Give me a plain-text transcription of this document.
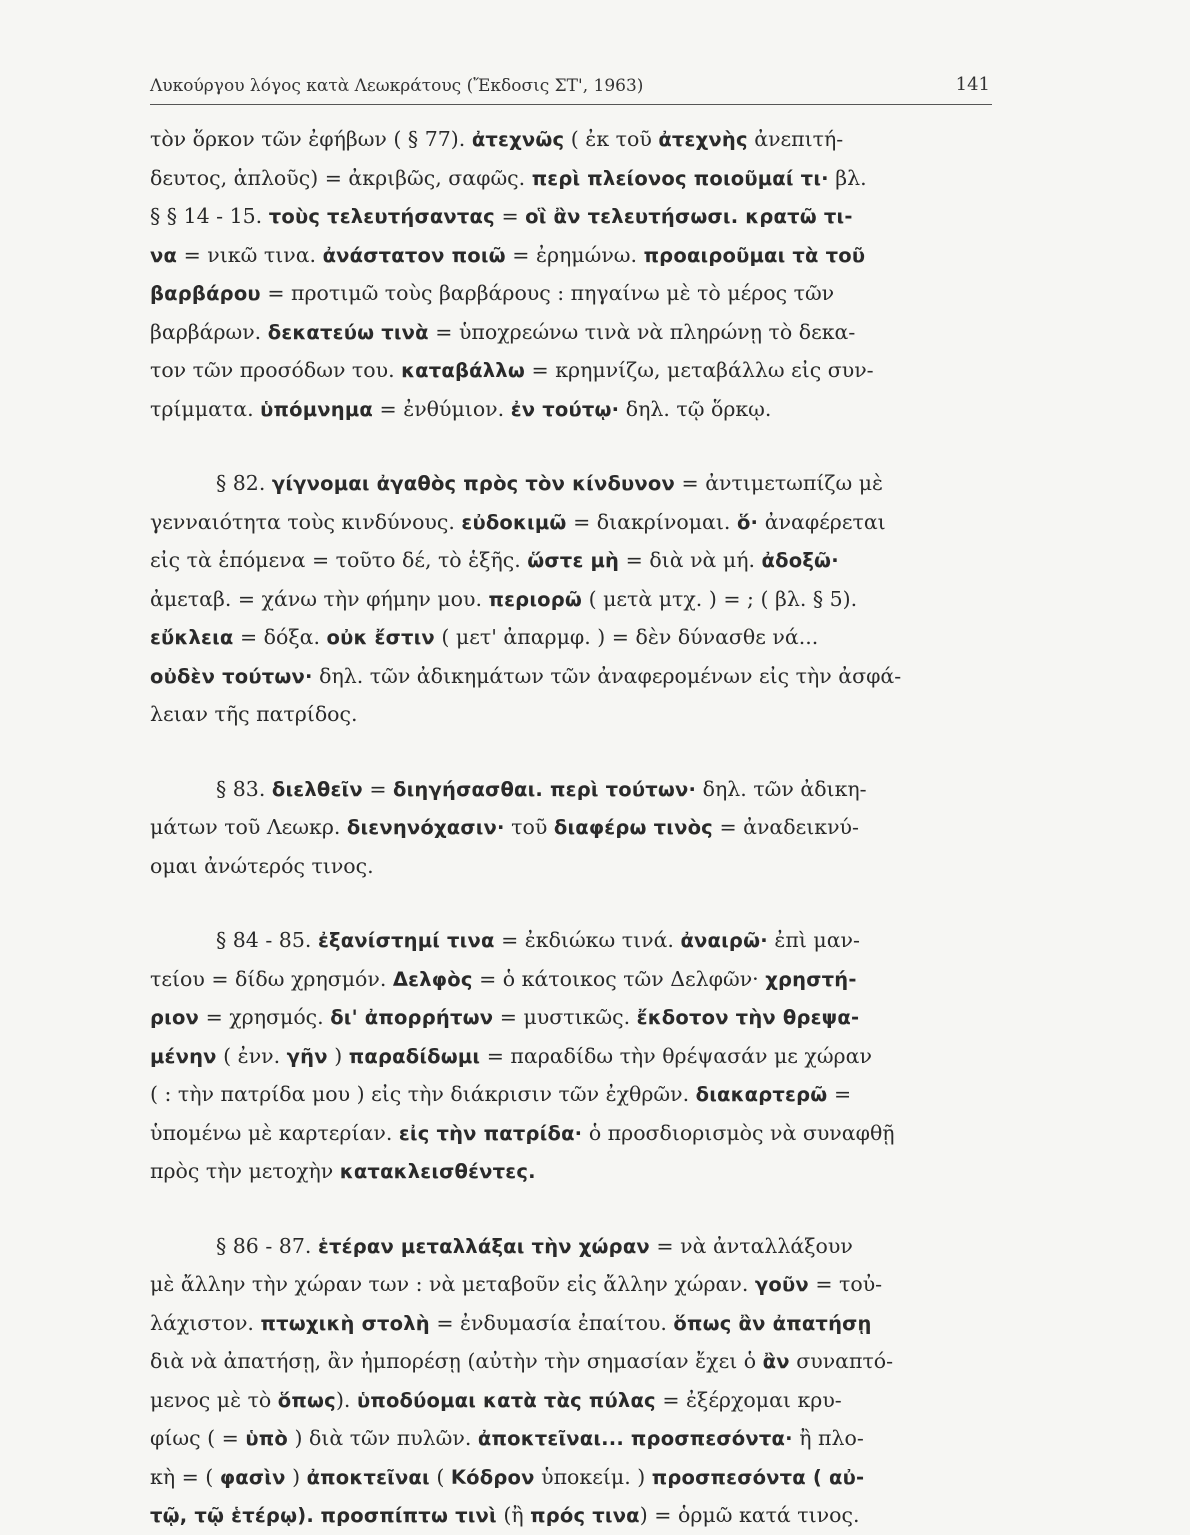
Λυκούργου λόγος κατὰ Λεωκράτους (Ἔκδοσις ΣΤ', 1963)	141
τὸν ὅρκον τῶν ἐφήβων ( § 77). ἀτεχνῶς ( ἐκ τοῦ ἀτεχνὴς ἀνεπιτή-
δευτος, ἁπλοῦς) = ἀκριβῶς, σαφῶς. περὶ πλείονος ποιοῦμαί τι· βλ.
§ § 14 - 15. τοὺς τελευτήσαντας = οἳ ἂν τελευτήσωσι. κρατῶ τι-
να = νικῶ τινα. ἀνάστατον ποιῶ = ἐρημώνω. προαιροῦμαι τὰ τοῦ
βαρβάρου = προτιμῶ τοὺς βαρβάρους : πηγαίνω μὲ τὸ μέρος τῶν
βαρβάρων. δεκατεύω τινὰ = ὑποχρεώνω τινὰ νὰ πληρώνῃ τὸ δεκα-
τον τῶν προσόδων του. καταβάλλω = κρημνίζω, μεταβάλλω εἰς συν-
τρίμματα. ὑπόμνημα = ἐνθύμιον. ἐν τούτῳ· δηλ. τῷ ὅρκῳ.
§ 82. γίγνομαι ἀγαθὸς πρὸς τὸν κίνδυνον = ἀντιμετωπίζω μὲ
γενναιότητα τοὺς κινδύνους. εὐδοκιμῶ = διακρίνομαι. ὅ· ἀναφέρεται
εἰς τὰ ἑπόμενα = τοῦτο δέ, τὸ ἑξῆς. ὥστε μὴ = διὰ νὰ μή. ἀδοξῶ·
ἀμεταβ. = χάνω τὴν φήμην μου. περιορῶ ( μετὰ μτχ. ) = ; ( βλ. § 5).
εὔκλεια = δόξα. οὐκ ἔστιν ( μετ' ἀπαρμφ. ) = δὲν δύνασθε νά...
οὐδὲν τούτων· δηλ. τῶν ἀδικημάτων τῶν ἀναφερομένων εἰς τὴν ἀσφά-
λειαν τῆς πατρίδος.
§ 83. διελθεῖν = διηγήσασθαι. περὶ τούτων· δηλ. τῶν ἀδικη-
μάτων τοῦ Λεωκρ. διενηνόχασιν· τοῦ διαφέρω τινὸς = ἀναδεικνύ-
ομαι ἀνώτερός τινος.
§ 84 - 85. ἐξανίστημί τινα = ἐκδιώκω τινά. ἀναιρῶ· ἐπὶ μαν-
τείου = δίδω χρησμόν. Δελφὸς = ὁ κάτοικος τῶν Δελφῶν· χρηστή-
ριον = χρησμός. δι' ἀπορρήτων = μυστικῶς. ἔκδοτον τὴν θρεψα-
μένην ( ἐνν. γῆν ) παραδίδωμι = παραδίδω τὴν θρέψασάν με χώραν
( : τὴν πατρίδα μου ) εἰς τὴν διάκρισιν τῶν ἐχθρῶν. διακαρτερῶ =
ὑπομένω μὲ καρτερίαν. εἰς τὴν πατρίδα· ὁ προσδιορισμὸς νὰ συναφθῇ
πρὸς τὴν μετοχὴν κατακλεισθέντες.
§ 86 - 87. ἑτέραν μεταλλάξαι τὴν χώραν = νὰ ἀνταλλάξουν
μὲ ἄλλην τὴν χώραν των : νὰ μεταβοῦν εἰς ἄλλην χώραν. γοῦν = τοὐ-
λάχιστον. πτωχικὴ στολὴ = ἐνδυμασία ἐπαίτου. ὅπως ἂν ἀπατήσῃ
διὰ νὰ ἀπατήσῃ, ἂν ἠμπορέσῃ (αὐτὴν τὴν σημασίαν ἔχει ὁ ἂν συναπτό-
μενος μὲ τὸ ὅπως). ὑποδύομαι κατὰ τὰς πύλας = ἐξέρχομαι κρυ-
φίως ( = ὑπὸ ) διὰ τῶν πυλῶν. ἀποκτεῖναι... προσπεσόντα· ἢ πλο-
κὴ = ( φασὶν ) ἀποκτεῖναι ( Κόδρον ὑποκείμ. ) προσπεσόντα ( αὐ-
τῷ, τῷ ἑτέρῳ). προσπίπτω τινὶ (ἢ πρός τινα) = ὁρμῶ κατά τινος.
